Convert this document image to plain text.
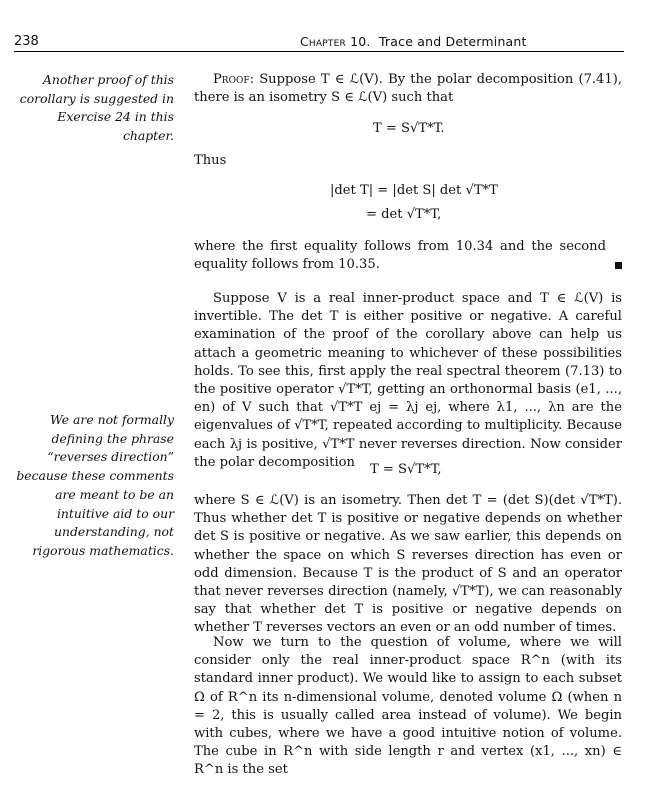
238	Chapter 10. Trace and Determinant
Another proof of this corollary is suggested in Exercise 24 in this chapter.
We are not formally defining the phrase “reverses direction” because these comments are meant to be an intuitive aid to our understanding, not rigorous mathematics.

Proof: Suppose T ∈ ℒ(V). By the polar decomposition (7.41), there is an isometry S ∈ ℒ(V) such that

T = S√T*T.
Thus
|det T| = |det S| det √T*T
= det √T*T,
where the first equality follows from 10.34 and the second equality follows from 10.35.

Suppose V is a real inner-product space and T ∈ ℒ(V) is invertible. The det T is either positive or negative. A careful examination of the proof of the corollary above can help us attach a geometric meaning to whichever of these possibilities holds. To see this, first apply the real spectral theorem (7.13) to the positive operator √T*T, getting an orthonormal basis (e1, ..., en) of V such that √T*T ej = λj ej, where λ1, ..., λn are the eigenvalues of √T*T, repeated according to multiplicity. Because each λj is positive, √T*T never reverses direction. Now consider the polar decomposition	T = S√T*T,

where S ∈ ℒ(V) is an isometry. Then det T = (det S)(det √T*T). Thus whether det T is positive or negative depends on whether det S is positive or negative. As we saw earlier, this depends on whether the space on which S reverses direction has even or odd dimension. Because T is the product of S and an operator that never reverses direction (namely, √T*T), we can reasonably say that whether det T is positive or negative depends on whether T reverses vectors an even or an odd number of times.

Now we turn to the question of volume, where we will consider only the real inner-product space R^n (with its standard inner product). We would like to assign to each subset Ω of R^n its n-dimensional volume, denoted volume Ω (when n = 2, this is usually called area instead of volume). We begin with cubes, where we have a good intuitive notion of volume. The cube in R^n with side length r and vertex (x1, ..., xn) ∈ R^n is the set
